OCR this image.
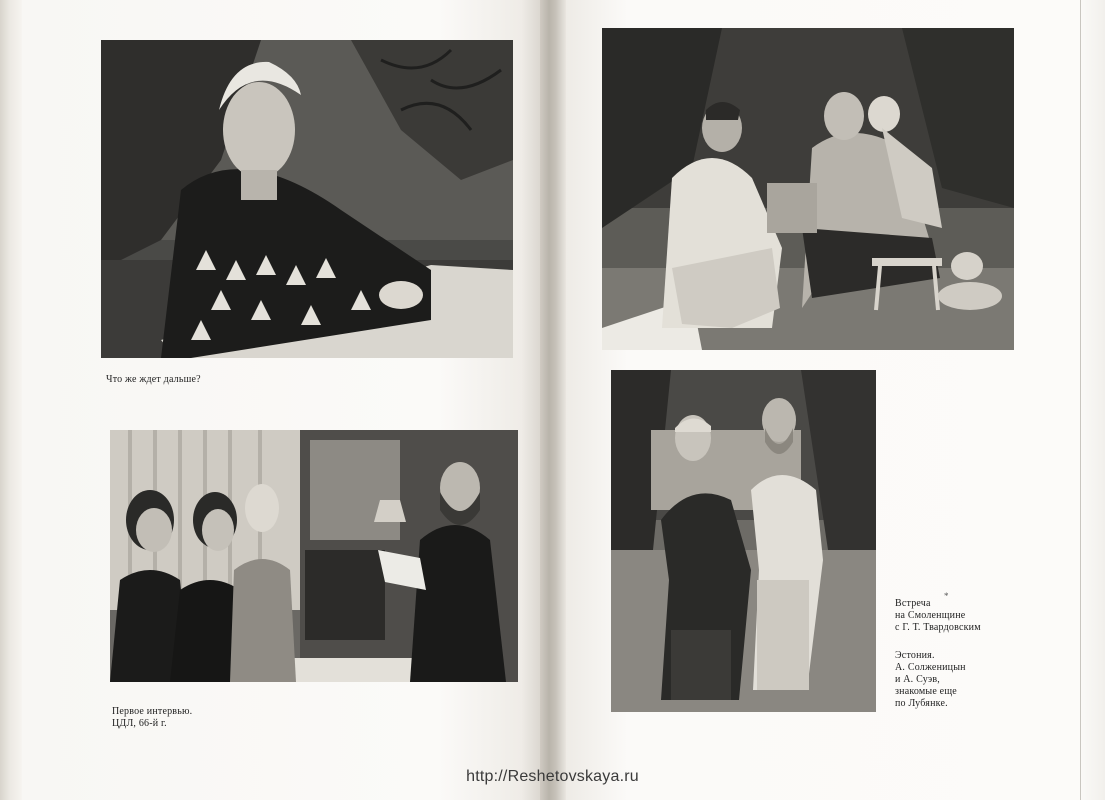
Что же ждет дальше?
Первое интервью.
ЦДЛ, 66-й г.
Встреча
на Смоленщине
с Г. Т. Твардовским
*
Эстония.
А. Солженицын
и А. Суэв,
знакомые еще
по Лубянке.
http://Reshetovskaya.ru
